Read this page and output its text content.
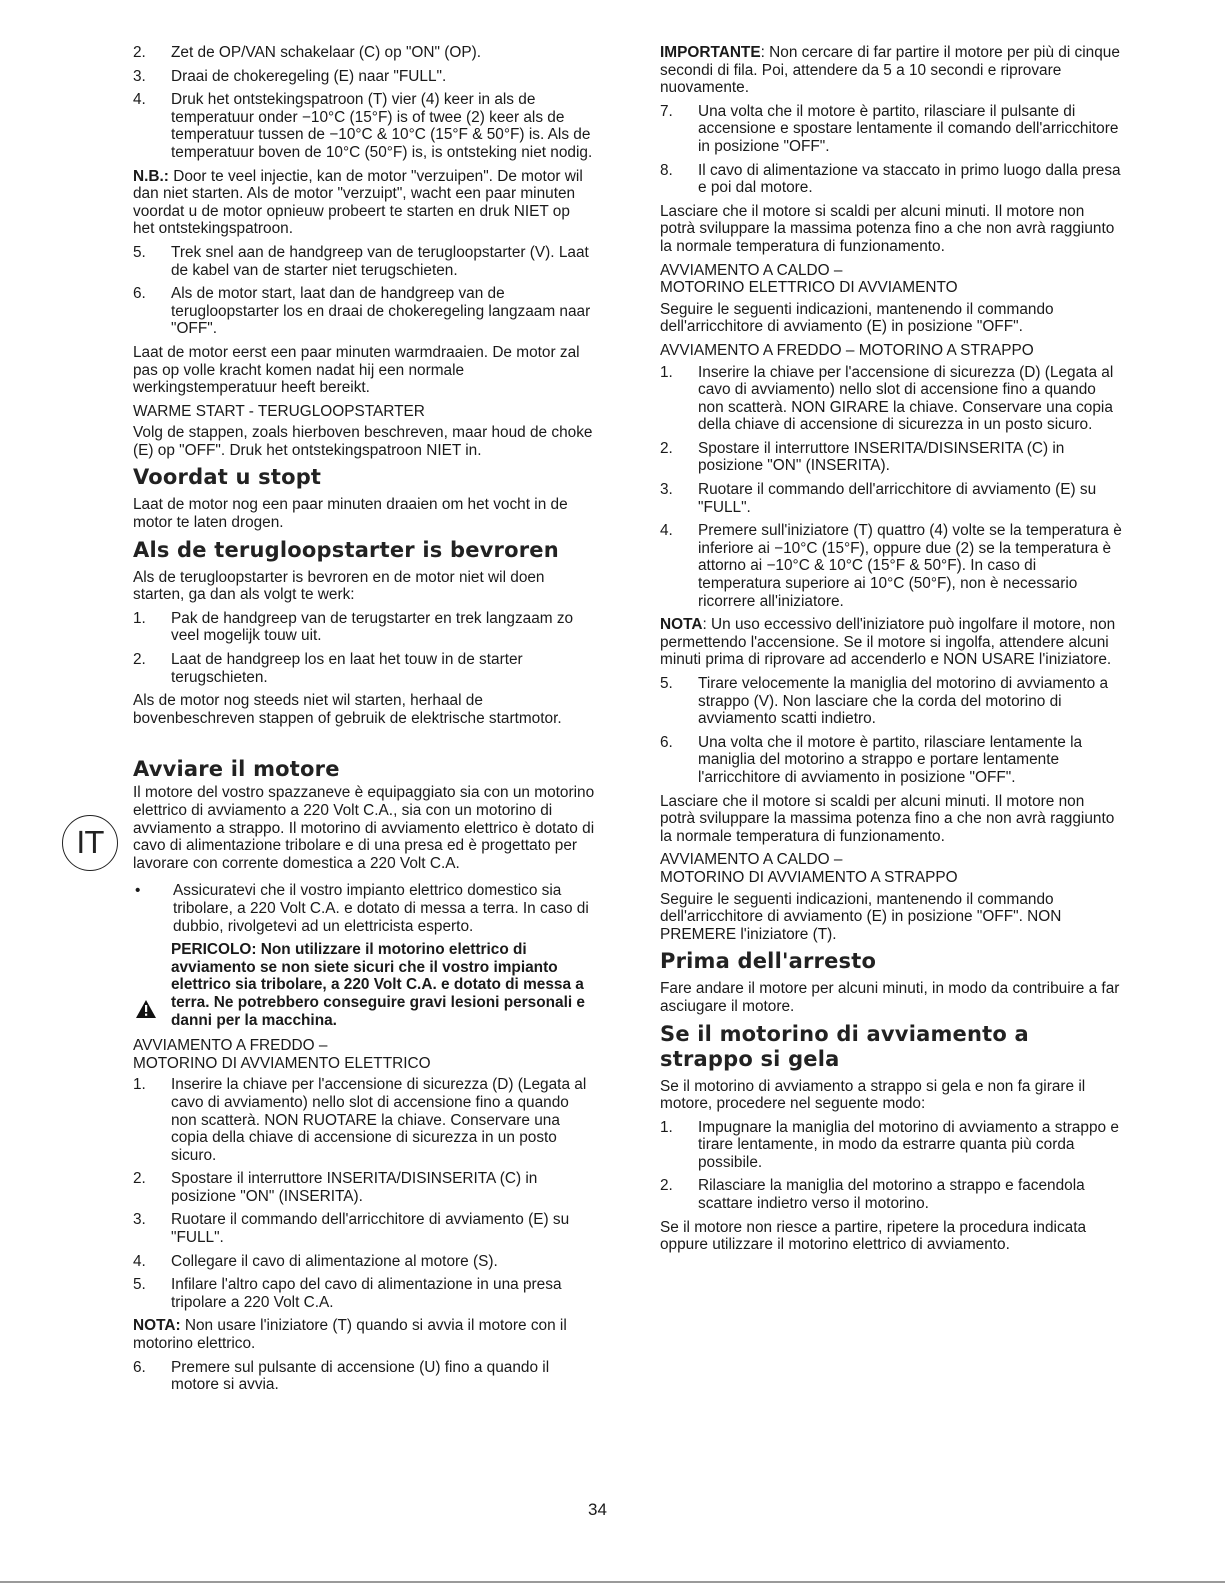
2.	Zet de OP/VAN schakelaar (C) op "ON" (OP).
3.	Draai de chokeregeling (E) naar "FULL".
4.	Druk het ontstekingspatroon (T) vier (4) keer in als de temperatuur onder −10°C (15°F) is of twee (2) keer als de temperatuur tussen de −10°C & 10°C (15°F & 50°F) is. Als de temperatuur boven de 10°C (50°F) is, is ontsteking niet nodig.

N.B.: Door te veel injectie, kan de motor "verzuipen". De motor wil dan niet starten. Als de motor "verzuipt", wacht een paar minuten voordat u de motor opnieuw probeert te starten en druk NIET op het ontstekingspatroon.

5.	Trek snel aan de handgreep van de terugloopstarter (V). Laat de kabel van de starter niet terugschieten.
6.	Als de motor start, laat dan de handgreep van de terugloopstarter los en draai de chokeregeling langzaam naar "OFF".

Laat de motor eerst een paar minuten warmdraaien. De motor zal pas op volle kracht komen nadat hij een normale werkingstemperatuur heeft bereikt.

WARME START - TERUGLOOPSTARTER

Volg de stappen, zoals hierboven beschreven, maar houd de choke (E) op "OFF". Druk het ontstekingspatroon NIET in.

Voordat u stopt

Laat de motor nog een paar minuten draaien om het vocht in de motor te laten drogen.

Als de terugloopstarter is bevroren

Als de terugloopstarter is bevroren en de motor niet wil doen starten, ga dan als volgt te werk:

1.	Pak de handgreep van de terugstarter en trek langzaam zo veel mogelijk touw uit.
2.	Laat de handgreep los en laat het touw in de starter terugschieten.

Als de motor nog steeds niet wil starten, herhaal de bovenbeschreven stappen of gebruik de elektrische startmotor.

Avviare il motore

Il motore del vostro spazzaneve è equipaggiato sia con un motorino elettrico di avviamento a 220 Volt C.A., sia con un motorino di avviamento a strappo. Il motorino di avviamento elettrico è dotato di cavo di alimentazione tribolare e di una presa ed è progettato per lavorare con corrente domestica a 220 Volt C.A.

•	Assicuratevi che il vostro impianto elettrico domestico sia tribolare, a 220 Volt C.A. e dotato di messa a terra. In caso di dubbio, rivolgetevi ad un elettricista esperto.
PERICOLO: Non utilizzare il motorino elettrico di avviamento se non siete sicuri che il vostro impianto elettrico sia tribolare, a 220 Volt C.A. e dotato di messa a terra. Ne potrebbero conseguire gravi lesioni personali e danni per la macchina.

AVVIAMENTO A FREDDO –

MOTORINO DI AVVIAMENTO ELETTRICO

1.	Inserire la chiave per l'accensione di sicurezza (D) (Legata al cavo di avviamento) nello slot di accensione fino a quando non scatterà. NON RUOTARE la chiave. Conservare una copia della chiave di accensione di sicurezza in un posto sicuro.
2.	Spostare il interruttore INSERITA/DISINSERITA (C) in posizione "ON" (INSERITA).
3.	Ruotare il commando dell'arricchitore di avviamento (E) su "FULL".
4.	Collegare il cavo di alimentazione al motore (S).
5.	Infilare l'altro capo del cavo di alimentazione in una presa tripolare a 220 Volt C.A.

NOTA: Non usare l'iniziatore (T) quando si avvia il motore con il motorino elettrico.

6.	Premere sul pulsante di accensione (U) fino a quando il motore si avvia.
IT

IMPORTANTE: Non cercare di far partire il motore per più di cinque secondi di fila. Poi, attendere da 5 a 10 secondi e riprovare nuovamente.

7.	Una volta che il motore è partito, rilasciare il pulsante di accensione e spostare lentamente il comando dell'arricchitore in posizione "OFF".
8.	Il cavo di alimentazione va staccato in primo luogo dalla presa e poi dal motore.

Lasciare che il motore si scaldi per alcuni minuti. Il motore non potrà sviluppare la massima potenza fino a che non avrà raggiunto la normale temperatura di funzionamento.

AVVIAMENTO A CALDO –

MOTORINO ELETTRICO DI AVVIAMENTO

Seguire le seguenti indicazioni, mantenendo il commando dell'arricchitore di avviamento (E) in posizione "OFF".

AVVIAMENTO A FREDDO – MOTORINO A STRAPPO

1.	Inserire la chiave per l'accensione di sicurezza (D) (Legata al cavo di avviamento) nello slot di accensione fino a quando non scatterà. NON GIRARE la chiave. Conservare una copia della chiave di accensione di sicurezza in un posto sicuro.
2.	Spostare il interruttore INSERITA/DISINSERITA (C) in posizione "ON" (INSERITA).
3.	Ruotare il commando dell'arricchitore di avviamento (E) su "FULL".
4.	Premere sull'iniziatore (T) quattro (4) volte se la temperatura è inferiore ai −10°C (15°F), oppure due (2) se la temperatura è attorno ai −10°C & 10°C (15°F & 50°F). In caso di temperatura superiore ai 10°C (50°F), non è necessario ricorrere all'iniziatore.

NOTA: Un uso eccessivo dell'iniziatore può ingolfare il motore, non permettendo l'accensione. Se il motore si ingolfa, attendere alcuni minuti prima di riprovare ad accenderlo e NON USARE l'iniziatore.

5.	Tirare velocemente la maniglia del motorino di avviamento a strappo (V). Non lasciare che la corda del motorino di avviamento scatti indietro.
6.	Una volta che il motore è partito, rilasciare lentamente la maniglia del motorino a strappo e portare lentamente l'arricchitore di avviamento in posizione "OFF".

Lasciare che il motore si scaldi per alcuni minuti. Il motore non potrà sviluppare la massima potenza fino a che non avrà raggiunto la normale temperatura di funzionamento.

AVVIAMENTO A CALDO –

MOTORINO DI AVVIAMENTO A STRAPPO

Seguire le seguenti indicazioni, mantenendo il commando dell'arricchitore di avviamento (E) in posizione "OFF". NON PREMERE l'iniziatore (T).

Prima dell'arresto

Fare andare il motore per alcuni minuti, in modo da contribuire a far asciugare il motore.

Se il motorino di avviamento a strappo si gela

Se il motorino di avviamento a strappo si gela e non fa girare il motore, procedere nel seguente modo:

1.	Impugnare la maniglia del motorino di avviamento a strappo e tirare lentamente, in modo da estrarre quanta più corda possibile.
2.	Rilasciare la maniglia del motorino a strappo e facendola scattare indietro verso il motorino.

Se il motore non riesce a partire, ripetere la procedura indicata oppure utilizzare il motorino elettrico di avviamento.

34
